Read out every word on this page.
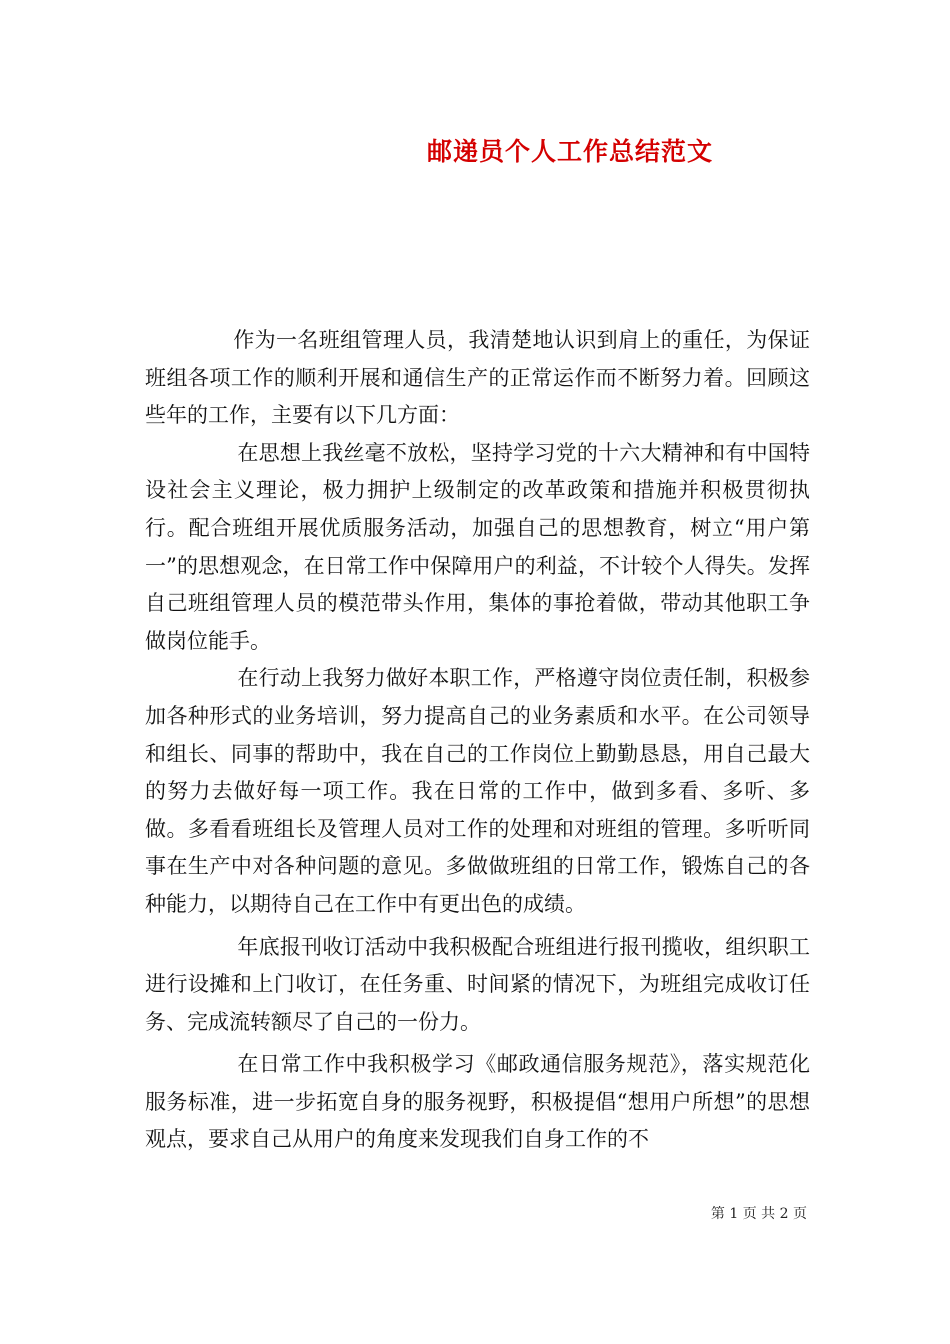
邮递员个人工作总结范文

作为一名班组管理人员，我清楚地认识到肩上的重任，为保证班组各项工作的顺利开展和通信生产的正常运作而不断努力着。回顾这些年的工作，主要有以下几方面：

在思想上我丝毫不放松，坚持学习党的十六大精神和有中国特设社会主义理论，极力拥护上级制定的改革政策和措施并积极贯彻执行。配合班组开展优质服务活动，加强自己的思想教育，树立“用户第一”的思想观念，在日常工作中保障用户的利益，不计较个人得失。发挥自己班组管理人员的模范带头作用，集体的事抢着做，带动其他职工争做岗位能手。

在行动上我努力做好本职工作，严格遵守岗位责任制，积极参加各种形式的业务培训，努力提高自己的业务素质和水平。在公司领导和组长、同事的帮助中，我在自己的工作岗位上勤勤恳恳，用自己最大的努力去做好每一项工作。我在日常的工作中，做到多看、多听、多做。多看看班组长及管理人员对工作的处理和对班组的管理。多听听同事在生产中对各种问题的意见。多做做班组的日常工作，锻炼自己的各种能力，以期待自己在工作中有更出色的成绩。

年底报刊收订活动中我积极配合班组进行报刊揽收，组织职工进行设摊和上门收订，在任务重、时间紧的情况下，为班组完成收订任务、完成流转额尽了自己的一份力。

在日常工作中我积极学习《邮政通信服务规范》，落实规范化服务标准，进一步拓宽自身的服务视野，积极提倡“想用户所想”的思想观点，要求自己从用户的角度来发现我们自身工作的不

第 1 页 共 2 页
